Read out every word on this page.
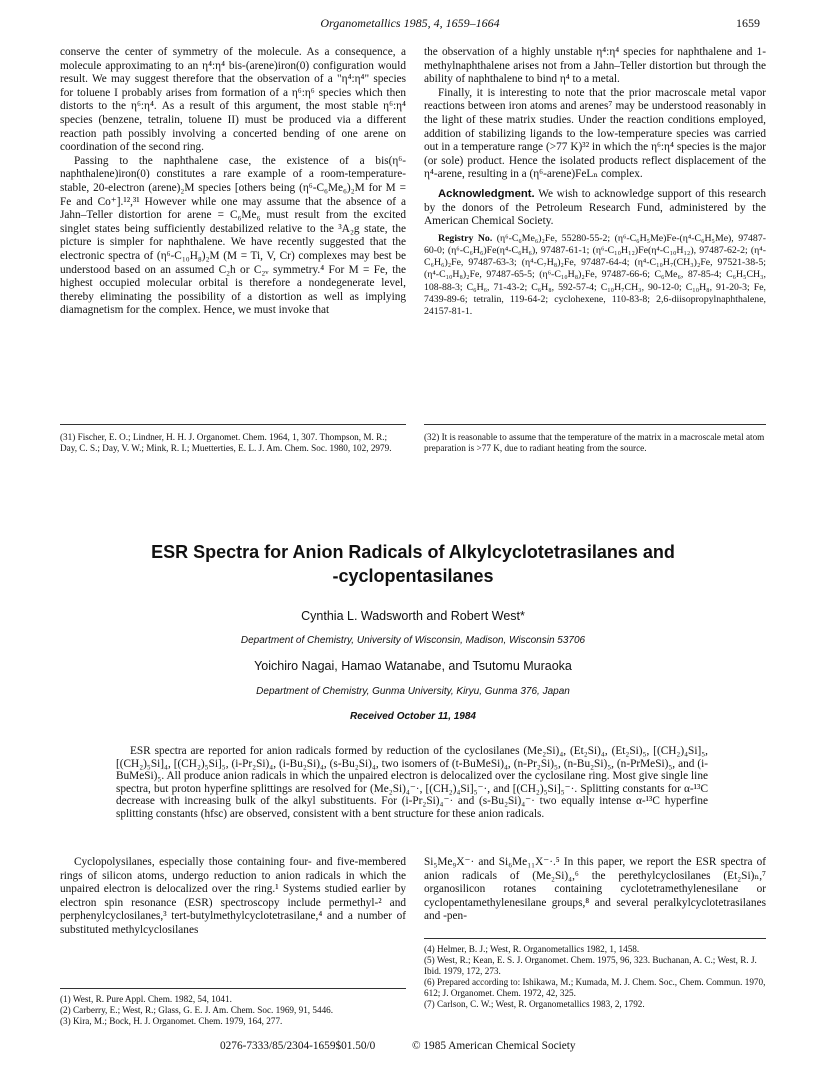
Organometallics 1985, 4, 1659–1664	1659

conserve the center of symmetry of the molecule. As a consequence, a molecule approximating to an η⁴:η⁴ bis-(arene)iron(0) configuration would result. We may suggest therefore that the observation of a "η⁴:η⁴" species for toluene I probably arises from formation of a η⁶:η⁶ species which then distorts to the η⁶:η⁴. As a result of this argument, the most stable η⁶:η⁴ species (benzene, tetralin, toluene II) must be produced via a different reaction path possibly involving a concerted bending of one arene on coordination of the second ring.

Passing to the naphthalene case, the existence of a bis(η⁶-naphthalene)iron(0) constitutes a rare example of a room-temperature-stable, 20-electron (arene)₂M species [others being (η⁶-C₆Me₆)₂M for M = Fe and Co⁺].¹²,³¹ However while one may assume that the absence of a Jahn–Teller distortion for arene = C₆Me₆ must result from the excited singlet states being sufficiently destabilized relative to the ³A₂g state, the picture is simpler for naphthalene. We have recently suggested that the electronic spectra of (η⁶-C₁₀H₈)₂M (M = Ti, V, Cr) complexes may best be understood based on an assumed C₂h or C₂ᵥ symmetry.⁴ For M = Fe, the highest occupied molecular orbital is therefore a nondegenerate level, thereby eliminating the possibility of a distortion as well as implying diamagnetism for the complex. Hence, we must invoke that

the observation of a highly unstable η⁴:η⁴ species for naphthalene and 1-methylnaphthalene arises not from a Jahn–Teller distortion but through the ability of naphthalene to bind η⁴ to a metal.

Finally, it is interesting to note that the prior macroscale metal vapor reactions between iron atoms and arenes⁷ may be understood reasonably in the light of these matrix studies. Under the reaction conditions employed, addition of stabilizing ligands to the low-temperature species was carried out in a temperature range (>77 K)³² in which the η⁶:η⁴ species is the major (or sole) product. Hence the isolated products reflect displacement of the η⁴-arene, resulting in a (η⁶-arene)FeLₙ complex.

Acknowledgment. We wish to acknowledge support of this research by the donors of the Petroleum Research Fund, administered by the American Chemical Society.

Registry No. (η⁶-C₆Me₆)₂Fe, 55280-55-2; (η⁶-C₆H₅Me)Fe-(η⁴-C₆H₅Me), 97487-60-0; (η⁶-C₆H₆)Fe(η⁴-C₆H₆), 97487-61-1; (η⁶-C₁₀H₁₂)Fe(η⁴-C₁₀H₁₂), 97487-62-2; (η⁴-C₆H₆)₂Fe, 97487-63-3; (η⁴-C₇H₈)₂Fe, 97487-64-4; (η⁴-C₁₀H₇(CH₃)₂Fe, 97521-38-5; (η⁴-C₁₀H₈)₂Fe, 97487-65-5; (η⁶-C₁₀H₈)₂Fe, 97487-66-6; C₆Me₆, 87-85-4; C₆H₅CH₃, 108-88-3; C₆H₆, 71-43-2; C₆H₈, 592-57-4; C₁₀H₇CH₃, 90-12-0; C₁₀H₈, 91-20-3; Fe, 7439-89-6; tetralin, 119-64-2; cyclohexene, 110-83-8; 2,6-diisopropylnaphthalene, 24157-81-1.

(31) Fischer, E. O.; Lindner, H. H. J. Organomet. Chem. 1964, 1, 307. Thompson, M. R.; Day, C. S.; Day, V. W.; Mink, R. I.; Muetterties, E. L. J. Am. Chem. Soc. 1980, 102, 2979.

(32) It is reasonable to assume that the temperature of the matrix in a macroscale metal atom preparation is >77 K, due to radiant heating from the source.

ESR Spectra for Anion Radicals of Alkylcyclotetrasilanes and
-cyclopentasilanes
Cynthia L. Wadsworth and Robert West*
Department of Chemistry, University of Wisconsin, Madison, Wisconsin 53706
Yoichiro Nagai, Hamao Watanabe, and Tsutomu Muraoka
Department of Chemistry, Gunma University, Kiryu, Gunma 376, Japan
Received October 11, 1984
ESR spectra are reported for anion radicals formed by reduction of the cyclosilanes (Me₂Si)₄, (Et₂Si)₄, (Et₂Si)₅, [(CH₂)₄Si]₅, [(CH₂)₅Si]₄, [(CH₂)₅Si]₅, (i-Pr₂Si)₄, (i-Bu₂Si)₄, (s-Bu₂Si)₄, two isomers of (t-BuMeSi)₄, (n-Pr₂Si)₅, (n-Bu₂Si)₅, (n-PrMeSi)₅, and (i-BuMeSi)₅. All produce anion radicals in which the unpaired electron is delocalized over the cyclosilane ring. Most give single line spectra, but proton hyperfine splittings are resolved for (Me₂Si)₄⁻·, [(CH₂)₄Si]₅⁻·, and [(CH₂)₅Si]₅⁻·. Splitting constants for α-¹³C decrease with increasing bulk of the alkyl substituents. For (i-Pr₂Si)₄⁻· and (s-Bu₂Si)₄⁻· two equally intense α-¹³C hyperfine splitting constants (hfsc) are observed, consistent with a bent structure for these anion radicals.

Cyclopolysilanes, especially those containing four- and five-membered rings of silicon atoms, undergo reduction to anion radicals in which the unpaired electron is delocalized over the ring.¹ Systems studied earlier by electron spin resonance (ESR) spectroscopy include permethyl-² and perphenylcyclosilanes,³ tert-butylmethylcyclotetrasilane,⁴ and a number of substituted methylcyclosilanes

Si₅Me₉X⁻· and Si₆Me₁₁X⁻·.⁵ In this paper, we report the ESR spectra of anion radicals of (Me₂Si)₄,⁶ the perethylcyclosilanes (Et₂Si)ₙ,⁷ organosilicon rotanes containing cyclotetramethylenesilane or cyclopentamethylenesilane groups,⁸ and several peralkylcyclotetrasilanes and -pen-

(1) West, R. Pure Appl. Chem. 1982, 54, 1041.

(2) Carberry, E.; West, R.; Glass, G. E. J. Am. Chem. Soc. 1969, 91, 5446.

(3) Kira, M.; Bock, H. J. Organomet. Chem. 1979, 164, 277.

(4) Helmer, B. J.; West, R. Organometallics 1982, 1, 1458.

(5) West, R.; Kean, E. S. J. Organomet. Chem. 1975, 96, 323. Buchanan, A. C.; West, R. J. Ibid. 1979, 172, 273.

(6) Prepared according to: Ishikawa, M.; Kumada, M. J. Chem. Soc., Chem. Commun. 1970, 612; J. Organomet. Chem. 1972, 42, 325.

(7) Carlson, C. W.; West, R. Organometallics 1983, 2, 1792.

0276-7333/85/2304-1659$01.50/0	© 1985 American Chemical Society
